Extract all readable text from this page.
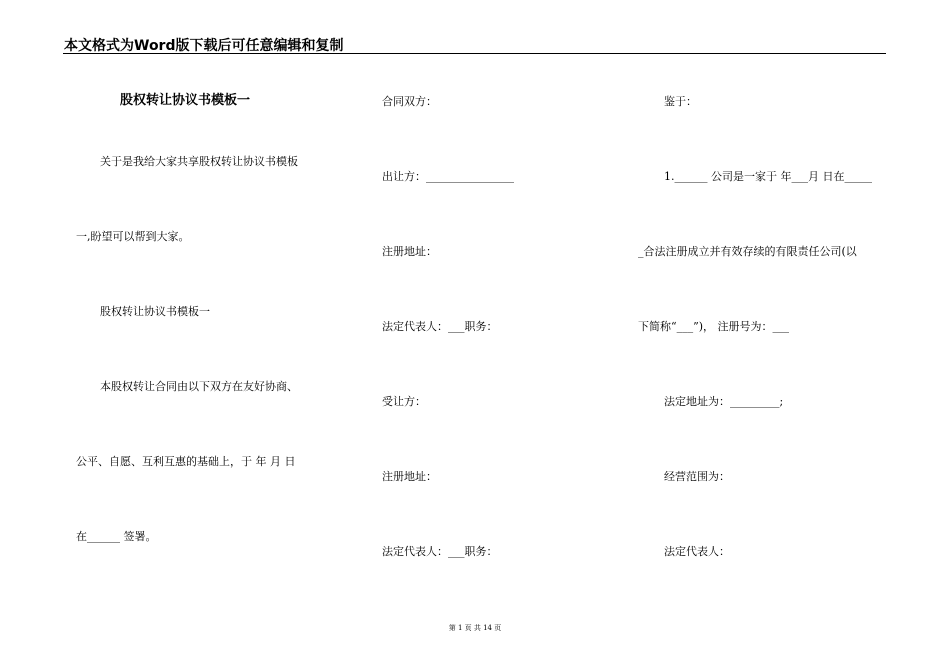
本文格式为Word版下载后可任意编辑和复制
股权转让协议书模板一
关于是我给大家共享股权转让协议书模板
一,盼望可以帮到大家。
股权转让协议书模板一
本股权转让合同由以下双方在友好协商、
公平、自愿、互利互惠的基础上，于 年 月 日
在______ 签署。
合同双方：
出让方：________________
注册地址：
法定代表人：___职务：
受让方：
注册地址：
法定代表人：___职务：
鉴于：
1.______ 公司是一家于 年___月 日在_____
_合法注册成立并有效存续的有限责任公司(以
下简称“___”)， 注册号为：___
法定地址为：_________;
经营范围为：
法定代表人：
第 1 页 共 14 页
